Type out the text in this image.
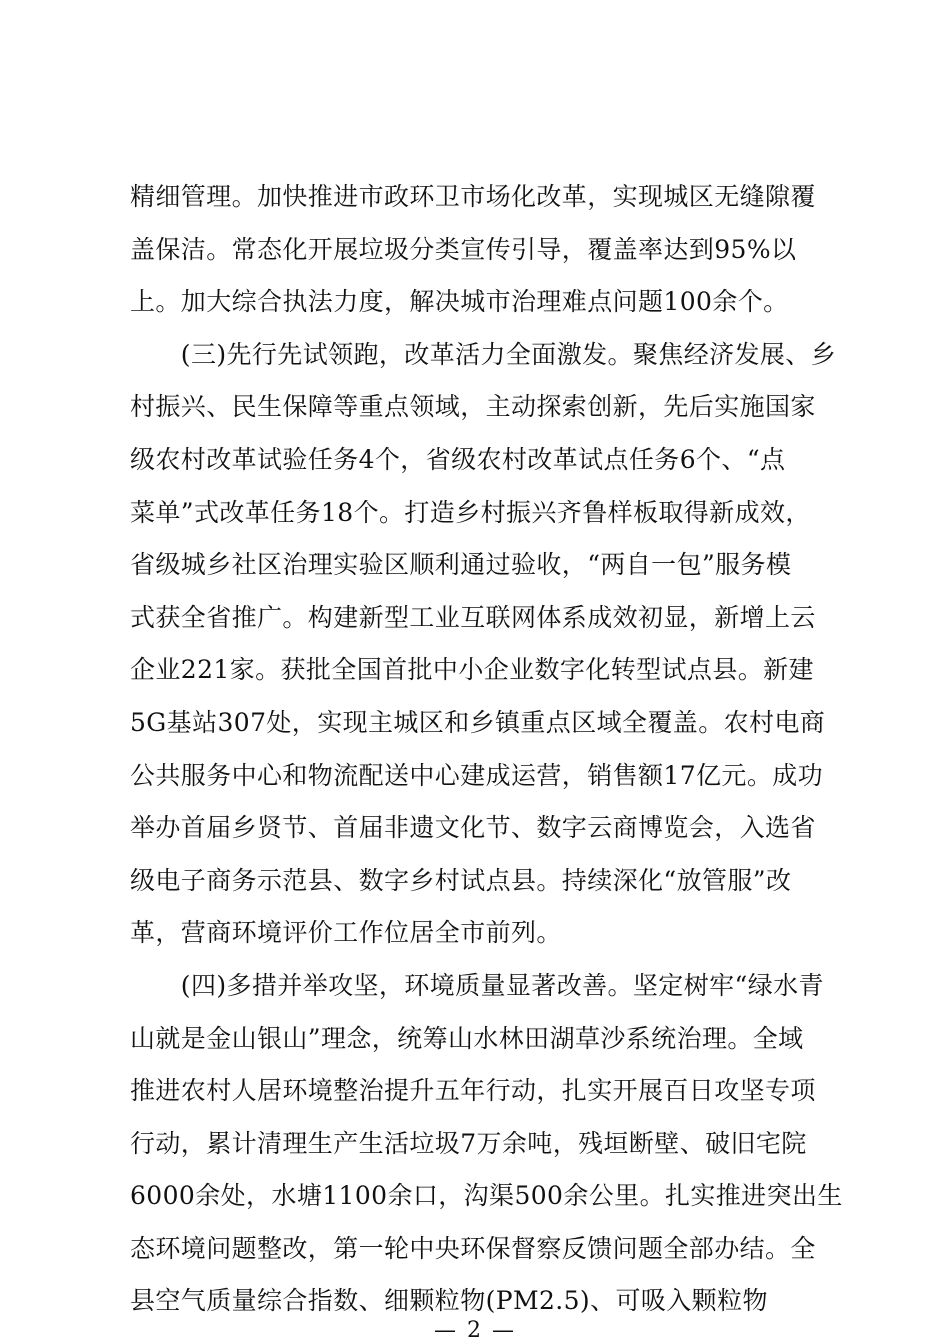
精细管理。加快推进市政环卫市场化改革，实现城区无缝隙覆
盖保洁。常态化开展垃圾分类宣传引导，覆盖率达到95%以
上。加大综合执法力度，解决城市治理难点问题100余个。
　　(三)先行先试领跑，改革活力全面激发。聚焦经济发展、乡
村振兴、民生保障等重点领域，主动探索创新，先后实施国家
级农村改革试验任务4个，省级农村改革试点任务6个、“点
菜单”式改革任务18个。打造乡村振兴齐鲁样板取得新成效，
省级城乡社区治理实验区顺利通过验收，“两自一包”服务模
式获全省推广。构建新型工业互联网体系成效初显，新增上云
企业221家。获批全国首批中小企业数字化转型试点县。新建
5G基站307处，实现主城区和乡镇重点区域全覆盖。农村电商
公共服务中心和物流配送中心建成运营，销售额17亿元。成功
举办首届乡贤节、首届非遗文化节、数字云商博览会，入选省
级电子商务示范县、数字乡村试点县。持续深化“放管服”改
革，营商环境评价工作位居全市前列。
　　(四)多措并举攻坚，环境质量显著改善。坚定树牢“绿水青
山就是金山银山”理念，统筹山水林田湖草沙系统治理。全域
推进农村人居环境整治提升五年行动，扎实开展百日攻坚专项
行动，累计清理生产生活垃圾7万余吨，残垣断壁、破旧宅院
6000余处，水塘1100余口，沟渠500余公里。扎实推进突出生
态环境问题整改，第一轮中央环保督察反馈问题全部办结。全
县空气质量综合指数、细颗粒物(PM2.5)、可吸入颗粒物
— 2 —
